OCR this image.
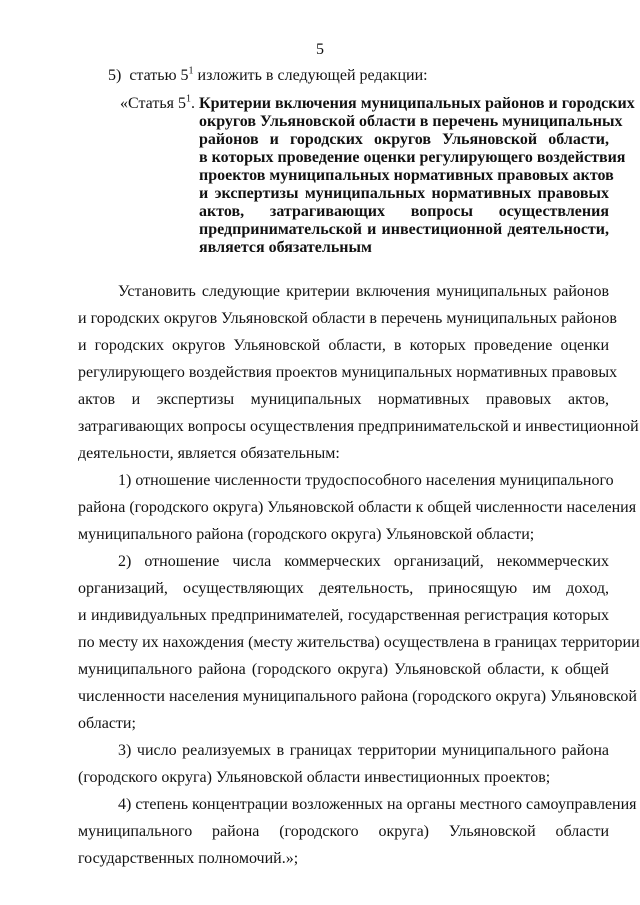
5
5)  статью $5^1$ изложить в следующей редакции:
«Статья $5^1$. Критерии включения муниципальных районов и городских
округов Ульяновской области в перечень муниципальных
районов и городских округов Ульяновской области,
в которых проведение оценки регулирующего воздействия
проектов муниципальных нормативных правовых актов
и экспертизы муниципальных нормативных правовых
актов, затрагивающих вопросы осуществления
предпринимательской и инвестиционной деятельности,
является обязательным
Установить следующие критерии включения муниципальных районов
и городских округов Ульяновской области в перечень муниципальных районов
и городских округов Ульяновской области, в которых проведение оценки
регулирующего воздействия проектов муниципальных нормативных правовых
актов и экспертизы муниципальных нормативных правовых актов,
затрагивающих вопросы осуществления предпринимательской и инвестиционной
деятельности, является обязательным:
1) отношение численности трудоспособного населения муниципального
района (городского округа) Ульяновской области к общей численности населения
муниципального района (городского округа) Ульяновской области;
2) отношение числа коммерческих организаций, некоммерческих
организаций, осуществляющих деятельность, приносящую им доход,
и индивидуальных предпринимателей, государственная регистрация которых
по месту их нахождения (месту жительства) осуществлена в границах территории
муниципального района (городского округа) Ульяновской области, к общей
численности населения муниципального района (городского округа) Ульяновской
области;
3) число реализуемых в границах территории муниципального района
(городского округа) Ульяновской области инвестиционных проектов;
4) степень концентрации возложенных на органы местного самоуправления
муниципального района (городского округа) Ульяновской области
государственных полномочий.»;
